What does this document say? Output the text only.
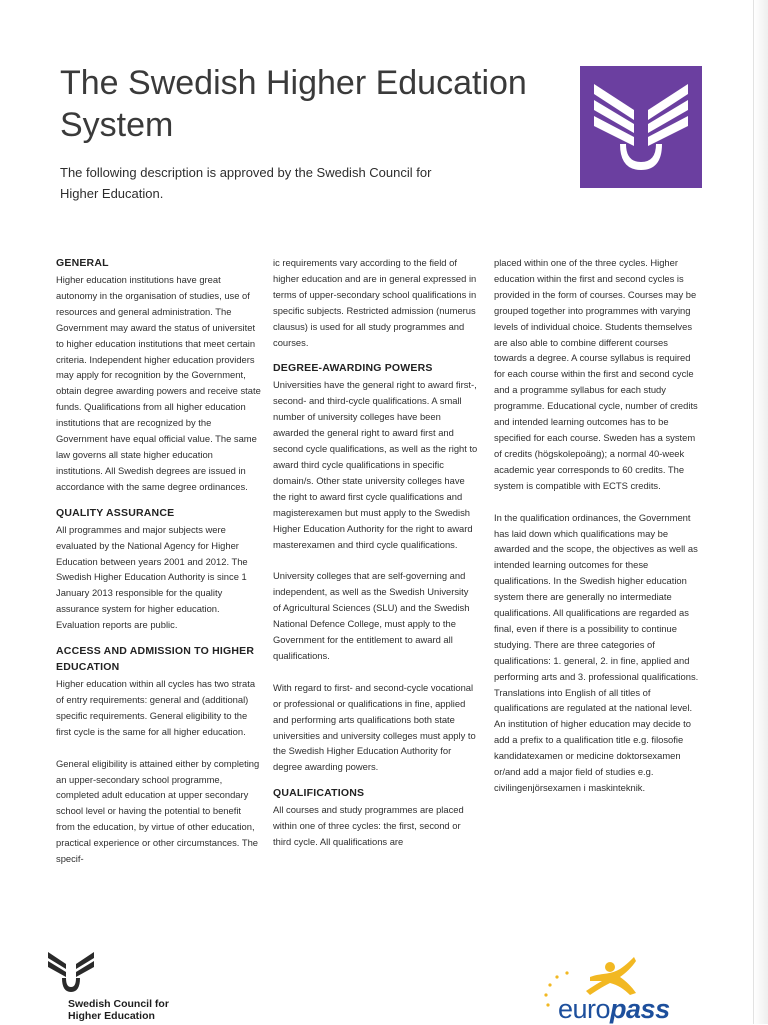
The Swedish Higher Education System

The following description is approved by the Swedish Council for Higher Education.

GENERAL

Higher education institutions have great autonomy in the organisation of studies, use of resources and general administration. The Government may award the status of universitet to higher education institutions that meet certain criteria. Independent higher education providers may apply for recognition by the Government, obtain degree awarding powers and receive state funds. Qualifications from all higher education institutions that are recognized by the Government have equal official value. The same law governs all state higher education institutions. All Swedish degrees are issued in accordance with the same degree ordinances.

QUALITY ASSURANCE

All programmes and major subjects were evaluated by the National Agency for Higher Education between years 2001 and 2012. The Swedish Higher Education Authority is since 1 January 2013 responsible for the quality assurance system for higher education. Evaluation reports are public.

ACCESS AND ADMISSION TO HIGHER EDUCATION

Higher education within all cycles has two strata of entry requirements: general and (additional) specific requirements. General eligibility to the first cycle is the same for all higher education.

General eligibility is attained either by completing an upper-secondary school programme, completed adult education at upper secondary school level or having the potential to benefit from the education, by virtue of other education, practical experience or other circumstances. The specif-

ic requirements vary according to the field of higher education and are in general expressed in terms of upper-secondary school qualifications in specific subjects. Restricted admission (numerus clausus) is used for all study programmes and courses.

DEGREE-AWARDING POWERS

Universities have the general right to award first-, second- and third-cycle qualifications. A small number of university colleges have been awarded the general right to award first and second cycle qualifications, as well as the right to award third cycle qualifications in specific domain/s. Other state university colleges have the right to award first cycle qualifications and magisterexamen but must apply to the Swedish Higher Education Authority for the right to award masterexamen and third cycle qualifications.

University colleges that are self-governing and independent, as well as the Swedish University of Agricultural Sciences (SLU) and the Swedish National Defence College, must apply to the Government for the entitlement to award all qualifications.

With regard to first- and second-cycle vocational or professional or qualifications in fine, applied and performing arts qualifications both state universities and university colleges must apply to the Swedish Higher Education Authority for degree awarding powers.

QUALIFICATIONS

All courses and study programmes are placed within one of three cycles: the first, second or third cycle. All qualifications are

placed within one of the three cycles. Higher education within the first and second cycles is provided in the form of courses. Courses may be grouped together into programmes with varying levels of individual choice. Students themselves are also able to combine different courses towards a degree. A course syllabus is required for each course within the first and second cycle and a programme syllabus for each study programme. Educational cycle, number of credits and intended learning outcomes has to be specified for each course. Sweden has a system of credits (högskolepoäng); a normal 40-week academic year corresponds to 60 credits. The system is compatible with ECTS credits.

In the qualification ordinances, the Government has laid down which qualifications may be awarded and the scope, the objectives as well as intended learning outcomes for these qualifications. In the Swedish higher education system there are generally no intermediate qualifications. All qualifications are regarded as final, even if there is a possibility to continue studying. There are three categories of qualifications: 1. general, 2. in fine, applied and performing arts and 3. professional qualifications. Translations into English of all titles of qualifications are regulated at the national level. An institution of higher education may decide to add a prefix to a qualification title e.g. filosofie kandidatexamen or medicine doktorsexamen or/and add a major field of studies e.g. civilingenjörsexamen i maskinteknik.

Swedish Council for
Higher Education	europass
